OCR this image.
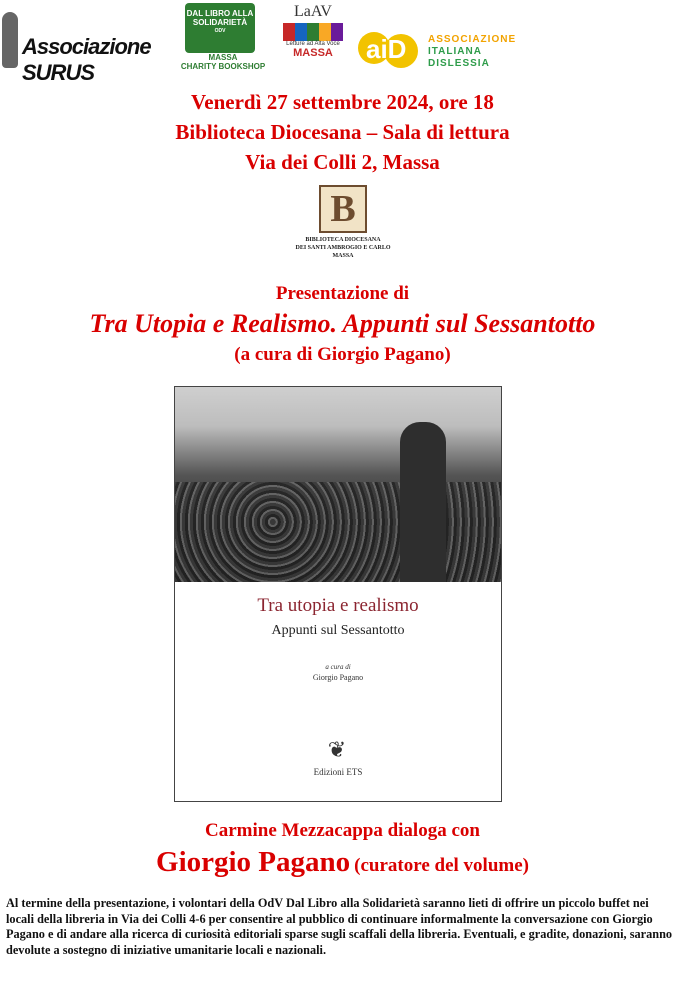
Associazione SURUS
DAL LIBRO ALLA SOLIDARIETÀ
ODV
MASSA
CHARITY BOOKSHOP
LaAV
Letture ad Alta Voce
MASSA	aiD ASSOCIAZIONE
ITALIANA
DISLESSIA
Venerdì 27 settembre 2024, ore 18
Biblioteca Diocesana – Sala di lettura
Via dei Colli 2, Massa
B
BIBLIOTECA DIOCESANA
DEI SANTI AMBROGIO E CARLO
MASSA
Presentazione di
Tra Utopia e Realismo. Appunti sul Sessantotto
(a cura di Giorgio Pagano)
Tra utopia e realismo
Appunti sul Sessantotto
a cura di
Giorgio Pagano
❦
Edizioni ETS
Carmine Mezzacappa dialoga con
Giorgio Pagano (curatore del volume)
Al termine della presentazione, i volontari della OdV Dal Libro alla Solidarietà saranno lieti di offrire un piccolo buffet nei locali della libreria in Via dei Colli 4-6 per consentire al pubblico di continuare informalmente la conversazione con Giorgio Pagano e di andare alla ricerca di curiosità editoriali sparse sugli scaffali della libreria. Eventuali, e gradite, donazioni, saranno devolute a sostegno di iniziative umanitarie locali e nazionali.
